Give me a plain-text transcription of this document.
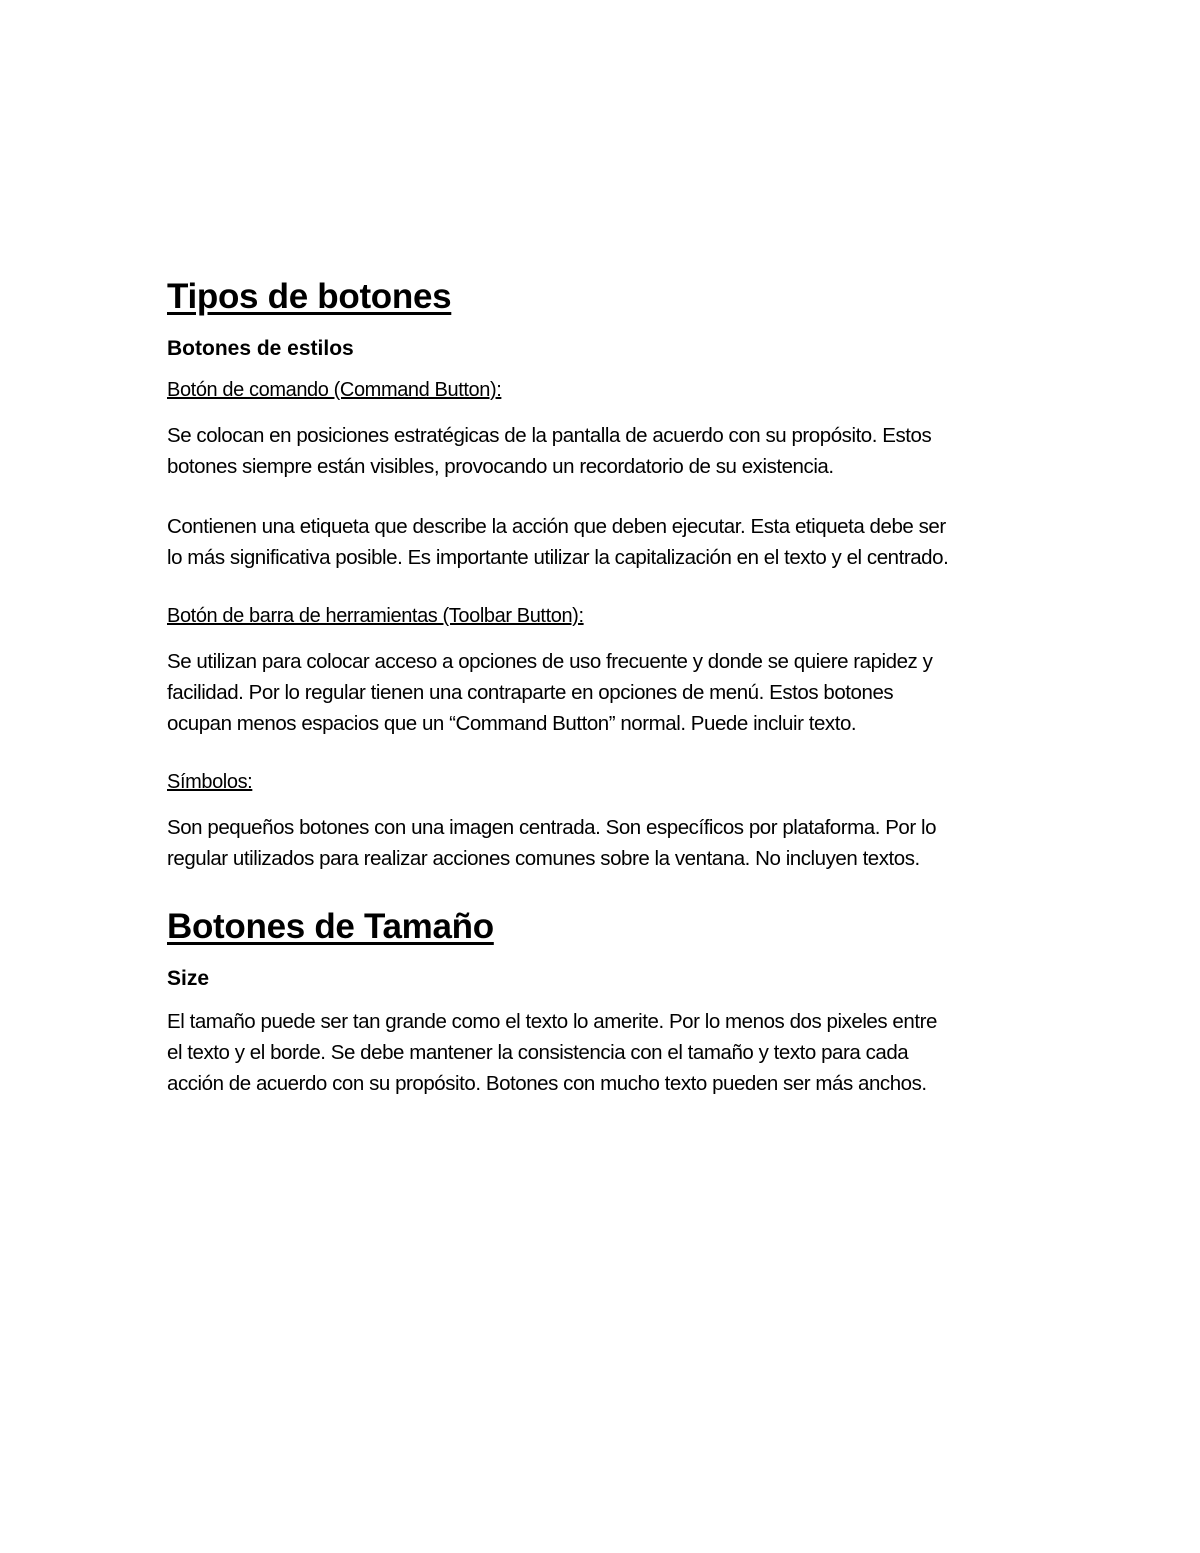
Tipos de botones
Botones de estilos

Botón de comando (Command Button):

Se colocan en posiciones estratégicas de la pantalla de acuerdo con su propósito. Estos botones siempre están visibles, provocando un recordatorio de su existencia.

Contienen una etiqueta que describe la acción que deben ejecutar. Esta etiqueta debe ser lo más significativa posible. Es importante utilizar la capitalización en el texto y el centrado.

Botón de barra de herramientas (Toolbar Button):

Se utilizan para colocar acceso a opciones de uso frecuente y donde se quiere rapidez y facilidad. Por lo regular tienen una contraparte en opciones de menú. Estos botones ocupan menos espacios que un “Command Button” normal. Puede incluir texto.

Símbolos:

Son pequeños botones con una imagen centrada. Son específicos por plataforma. Por lo regular utilizados para realizar acciones comunes sobre la ventana. No incluyen textos.

Botones de Tamaño
Size

El tamaño puede ser tan grande como el texto lo amerite. Por lo menos dos pixeles entre el texto y el borde. Se debe mantener la consistencia con el tamaño y texto para cada acción de acuerdo con su propósito. Botones con mucho texto pueden ser más anchos.
